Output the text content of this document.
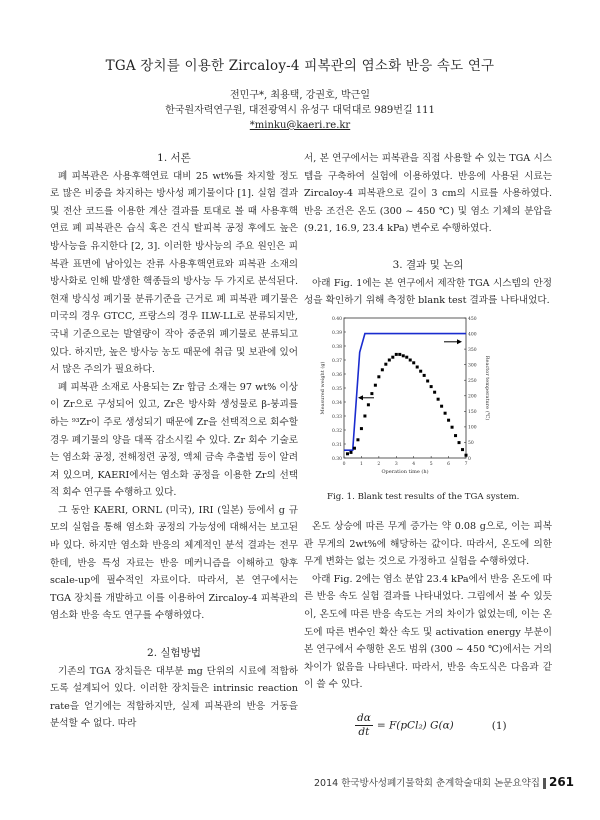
TGA 장치를 이용한 Zircaloy-4 피복관의 염소화 반응 속도 연구
전민구*, 최용택, 강권호, 박근일
한국원자력연구원, 대전광역시 유성구 대덕대로 989번길 111
*minku@kaeri.re.kr

1. 서론

폐 피복관은 사용후핵연료 대비 25 wt%를 차지할 정도로 많은 비중을 차지하는 방사성 폐기물이다 [1]. 실험 결과 및 전산 코드를 이용한 계산 결과를 토대로 볼 때 사용후핵연료 폐 피복관은 습식 혹은 건식 탈피복 공정 후에도 높은 방사능을 유지한다 [2, 3]. 이러한 방사능의 주요 원인은 피복관 표면에 남아있는 잔류 사용후핵연료와 피복관 소재의 방사화로 인해 발생한 핵종들의 방사능 두 가지로 분석된다. 현재 방식성 폐기물 분류기준을 근거로 폐 피복관 폐기물은 미국의 경우 GTCC, 프랑스의 경우 ILW-LL로 분류되지만, 국내 기준으로는 발열량이 작아 중준위 폐기물로 분류되고 있다. 하지만, 높은 방사능 농도 때문에 취급 및 보관에 있어서 많은 주의가 필요하다.

폐 피복관 소재로 사용되는 Zr 합금 소재는 97 wt% 이상이 Zr으로 구성되어 있고, Zr은 방사화 생성물로 β-붕괴를 하는 ⁹³Zr이 주로 생성되기 때문에 Zr을 선택적으로 회수할 경우 폐기물의 양을 대폭 감소시킬 수 있다. Zr 회수 기술로는 염소화 공정, 전해정련 공정, 액체 금속 추출법 등이 알려져 있으며, KAERI에서는 염소화 공정을 이용한 Zr의 선택적 회수 연구를 수행하고 있다.

그 동안 KAERI, ORNL (미국), IRI (일본) 등에서 g 규모의 실험을 통해 염소화 공정의 가능성에 대해서는 보고된 바 있다. 하지만 염소화 반응의 체계적인 분석 결과는 전무한데, 반응 특성 자료는 반응 메커니즘을 이해하고 향후 scale-up에 필수적인 자료이다. 따라서, 본 연구에서는 TGA 장치를 개발하고 이를 이용하여 Zircaloy-4 피복관의 염소화 반응 속도 연구를 수행하였다.

2. 실험방법

기존의 TGA 장치들은 대부분 mg 단위의 시료에 적합하도록 설계되어 있다. 이러한 장치들은 intrinsic reaction rate을 얻기에는 적합하지만, 실제 피복관의 반응 거동을 분석할 수 없다. 따라

서, 본 연구에서는 피복관을 직접 사용할 수 있는 TGA 시스템을 구축하여 실험에 이용하였다. 반응에 사용된 시료는 Zircaloy-4 피복관으로 길이 3 cm의 시료를 사용하였다. 반응 조건은 온도 (300 ~ 450 ℃) 및 염소 기체의 분압을(9.21, 16.9, 23.4 kPa) 변수로 수행하였다.

3. 결과 및 논의

아래 Fig. 1에는 본 연구에서 제작한 TGA 시스템의 안정성을 확인하기 위해 측정한 blank test 결과를 나타내었다.

0.30
0.31
0.32
0.33
0.34
0.35
0.36
0.37
0.38
0.39
0.40
0
50
100
150
200
250
300
350
400
450
0	1	2	3	4	5	6	7
Operation time (h)
Measured weight (g)	Reactor temperature (℃)
Fig. 1. Blank test results of the TGA system.

온도 상승에 따른 무게 증가는 약 0.08 g으로, 이는 피복관 무게의 2wt%에 해당하는 값이다. 따라서, 온도에 의한 무게 변화는 없는 것으로 가정하고 실험을 수행하였다.

아래 Fig. 2에는 염소 분압 23.4 kPa에서 반응 온도에 따른 반응 속도 실험 결과를 나타내었다. 그림에서 볼 수 있듯이, 온도에 따른 반응 속도는 거의 차이가 없었는데, 이는 온도에 따른 변수인 확산 속도 및 activation energy 부분이 본 연구에서 수행한 온도 범위 (300 ~ 450 ℃)에서는 거의 차이가 없음을 나타낸다. 따라서, 반응 속도식은 다음과 같이 쓸 수 있다.

$\frac{d\alpha}{dt} = F(pCl_2)$ G(α)	(1)
2014 한국방사성폐기물학회 춘계학술대회 논문요약집 261
